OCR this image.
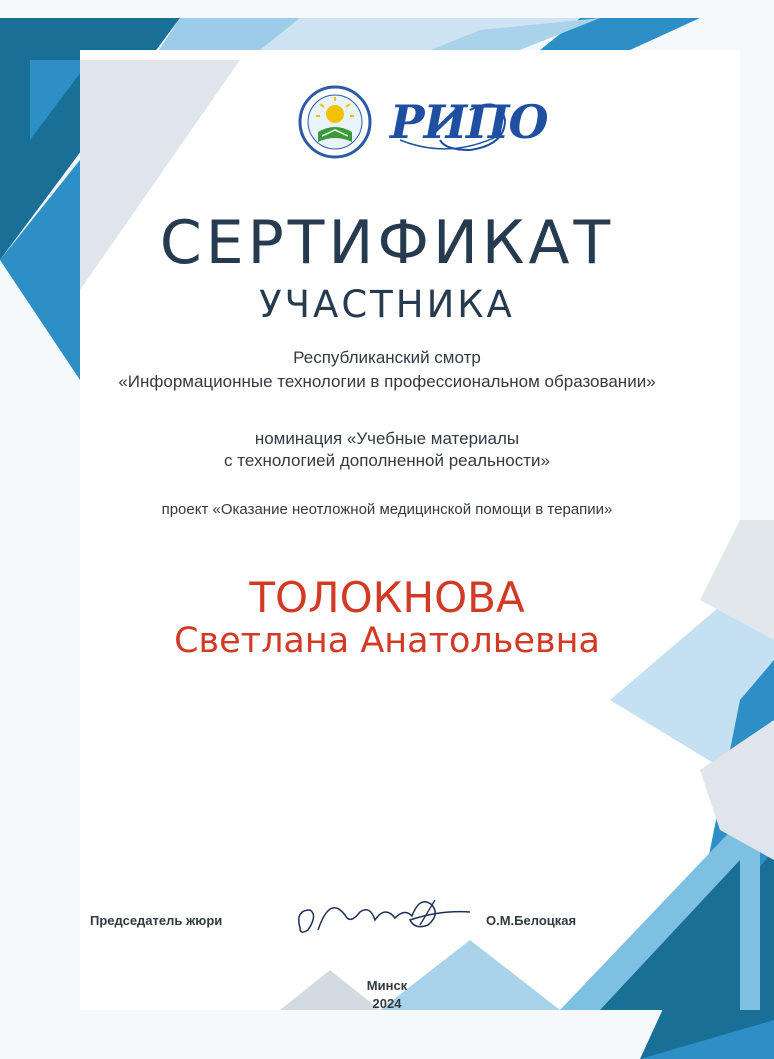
РИПО
СЕРТИФИКАТ
УЧАСТНИКА
Республиканский смотр
«Информационные технологии в профессиональном образовании»
номинация «Учебные материалы
с технологией дополненной реальности»
проект «Оказание неотложной медицинской помощи в терапии»
ТОЛОКНОВА
Светлана Анатольевна
Председатель жюри	О.М.Белоцкая
Минск
2024
